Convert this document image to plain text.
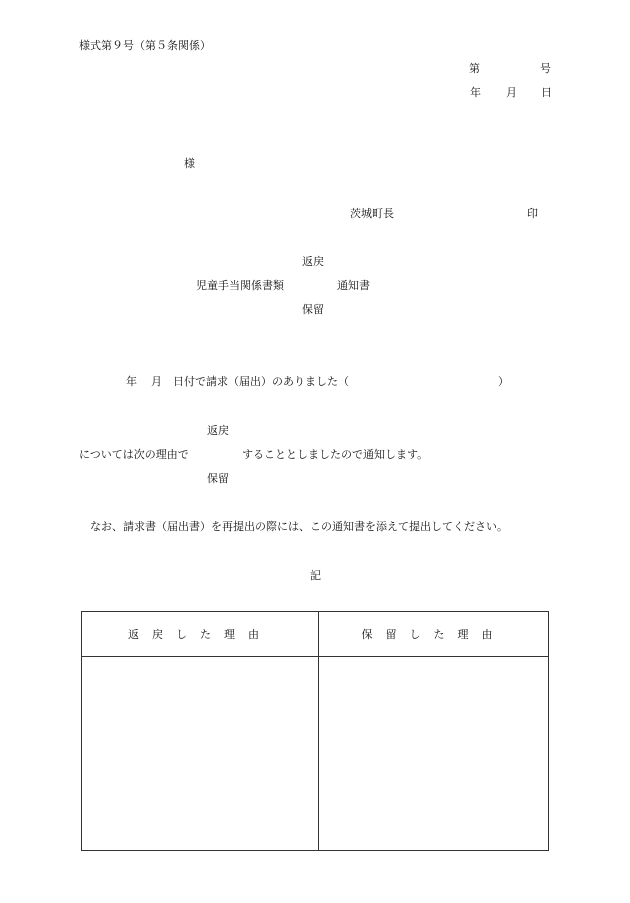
様式第９号（第５条関係）
第	号
年 月 日
様
茨城町長	印
返戻
児童手当関係書類	通知書
保留
年 月 日付で請求（届出）のありました（	）
返戻
については次の理由で	することとしましたので通知します。
保留
なお、請求書（届出書）を再提出の際には、この通知書を添えて提出してください。
記
返戻した理由	保留した理由
